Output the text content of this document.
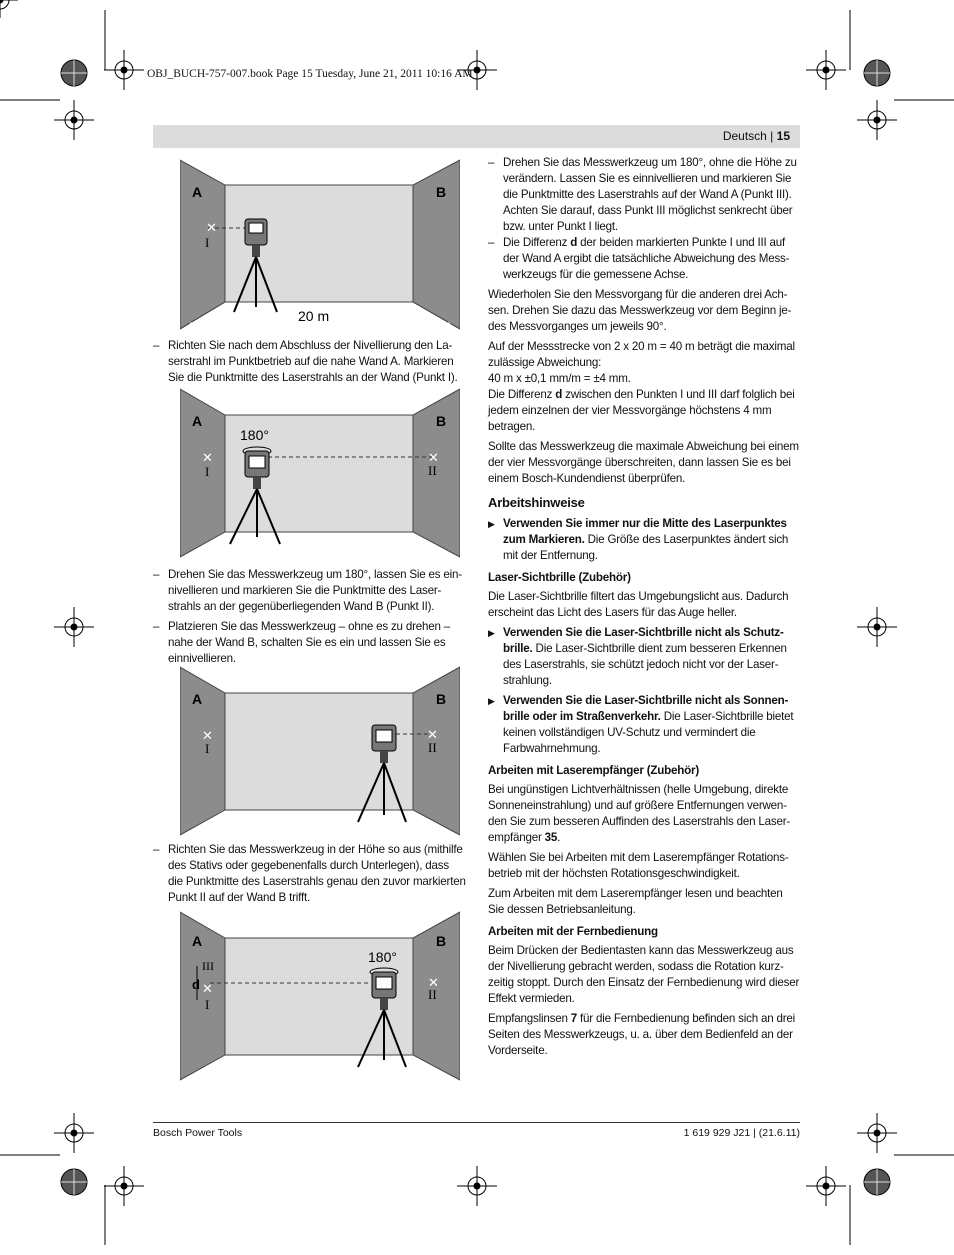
OBJ_BUCH-757-007.book Page 15 Tuesday, June 21, 2011 10:16 AM
Deutsch | 15
A	B
✕
I
20 m
A	B
180°
✕
I
✕
II
A	B
✕
I
✕
II
A	B
180°
III
d ✕
I
✕
II

– Richten Sie nach dem Abschluss der Nivellierung den Laserstrahl im Punktbetrieb auf die nahe Wand A. Markieren Sie die Punktmitte des Laserstrahls an der Wand (Punkt I).

– Drehen Sie das Messwerkzeug um 180°, lassen Sie es einnivellieren und markieren Sie die Punktmitte des Laserstrahls an der gegenüberliegenden Wand B (Punkt II).

– Platzieren Sie das Messwerkzeug – ohne es zu drehen – nahe der Wand B, schalten Sie es ein und lassen Sie es einnivellieren.

– Richten Sie das Messwerkzeug in der Höhe so aus (mithilfe des Stativs oder gegebenenfalls durch Unterlegen), dass die Punktmitte des Laserstrahls genau den zuvor markierten Punkt II auf der Wand B trifft.

– Drehen Sie das Messwerkzeug um 180°, ohne die Höhe zu verändern. Lassen Sie es einnivellieren und markieren Sie die Punktmitte des Laserstrahls auf der Wand A (Punkt III). Achten Sie darauf, dass Punkt III möglichst senkrecht über bzw. unter Punkt I liegt.

– Die Differenz d der beiden markierten Punkte I und III auf der Wand A ergibt die tatsächliche Abweichung des Messwerkzeugs für die gemessene Achse.

Wiederholen Sie den Messvorgang für die anderen drei Achsen. Drehen Sie dazu das Messwerkzeug vor dem Beginn jedes Messvorganges um jeweils 90°.

Auf der Messstrecke von 2 x 20 m = 40 m beträgt die maximal zulässige Abweichung:

40 m x ±0,1 mm/m = ±4 mm.

Die Differenz d zwischen den Punkten I und III darf folglich bei jedem einzelnen der vier Messvorgänge höchstens 4 mm betragen.

Sollte das Messwerkzeug die maximale Abweichung bei einem der vier Messvorgänge überschreiten, dann lassen Sie es bei einem Bosch-Kundendienst überprüfen.

Arbeitshinweise

▶ Verwenden Sie immer nur die Mitte des Laserpunktes zum Markieren. Die Größe des Laserpunktes ändert sich mit der Entfernung.

Laser-Sichtbrille (Zubehör)

Die Laser-Sichtbrille filtert das Umgebungslicht aus. Dadurch erscheint das Licht des Lasers für das Auge heller.

▶ Verwenden Sie die Laser-Sichtbrille nicht als Schutzbrille. Die Laser-Sichtbrille dient zum besseren Erkennen des Laserstrahls, sie schützt jedoch nicht vor der Laserstrahlung.

▶ Verwenden Sie die Laser-Sichtbrille nicht als Sonnenbrille oder im Straßenverkehr. Die Laser-Sichtbrille bietet keinen vollständigen UV-Schutz und vermindert die Farbwahrnehmung.

Arbeiten mit Laserempfänger (Zubehör)

Bei ungünstigen Lichtverhältnissen (helle Umgebung, direkte Sonneneinstrahlung) und auf größere Entfernungen verwenden Sie zum besseren Auffinden des Laserstrahls den Laserempfänger 35.

Wählen Sie bei Arbeiten mit dem Laserempfänger Rotationsbetrieb mit der höchsten Rotationsgeschwindigkeit.

Zum Arbeiten mit dem Laserempfänger lesen und beachten Sie dessen Betriebsanleitung.

Arbeiten mit der Fernbedienung

Beim Drücken der Bedientasten kann das Messwerkzeug aus der Nivellierung gebracht werden, sodass die Rotation kurzzeitig stoppt. Durch den Einsatz der Fernbedienung wird dieser Effekt vermieden.

Empfangslinsen 7 für die Fernbedienung befinden sich an drei Seiten des Messwerkzeugs, u. a. über dem Bedienfeld an der Vorderseite.

Bosch Power Tools	1 619 929 J21 | (21.6.11)
